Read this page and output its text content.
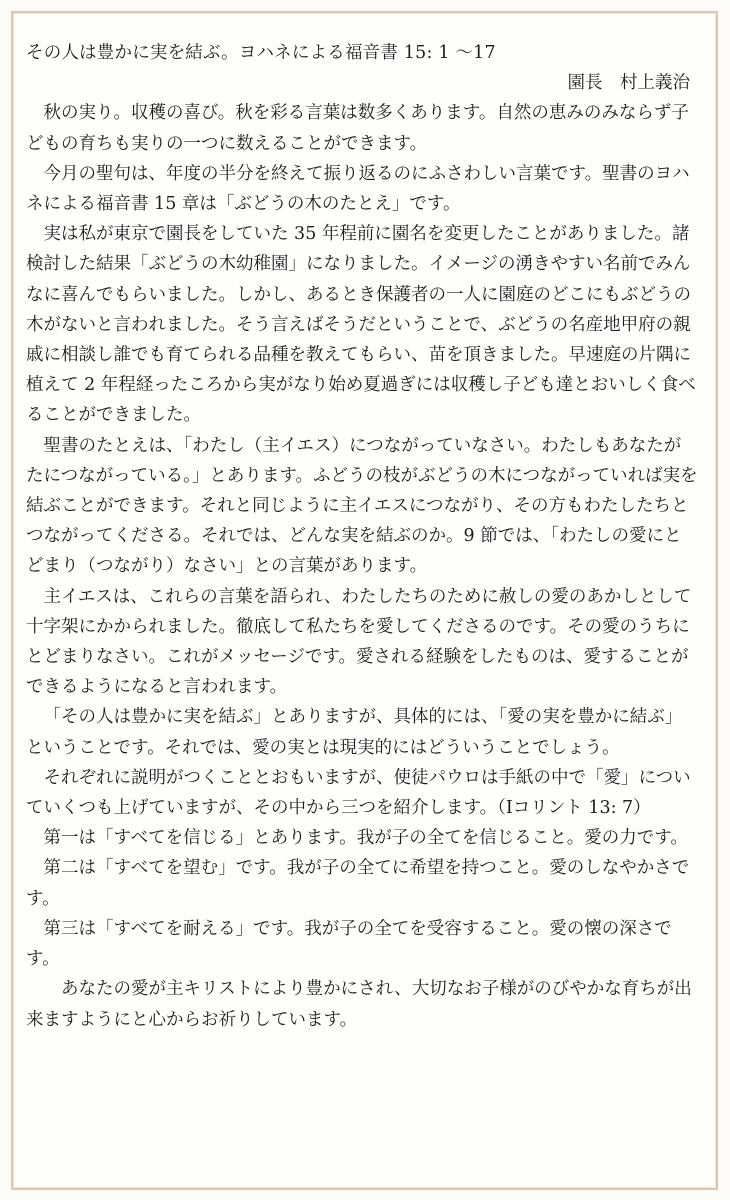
その人は豊かに実を結ぶ。ヨハネによる福音書 15: 1 ～17

園長　村上義治

秋の実り。収穫の喜び。秋を彩る言葉は数多くあります。自然の恵みのみならず子どもの育ちも実りの一つに数えることができます。

今月の聖句は、年度の半分を終えて振り返るのにふさわしい言葉です。聖書のヨハネによる福音書 15 章は「ぶどうの木のたとえ」です。

実は私が東京で園長をしていた 35 年程前に園名を変更したことがありました。諸検討した結果「ぶどうの木幼稚園」になりました。イメージの湧きやすい名前でみんなに喜んでもらいました。しかし、あるとき保護者の一人に園庭のどこにもぶどうの木がないと言われました。そう言えばそうだということで、ぶどうの名産地甲府の親戚に相談し誰でも育てられる品種を教えてもらい、苗を頂きました。早速庭の片隅に植えて 2 年程経ったころから実がなり始め夏過ぎには収穫し子ども達とおいしく食べることができました。

聖書のたとえは、「わたし（主イエス）につながっていなさい。わたしもあなたがたにつながっている。」とあります。ふどうの枝がぶどうの木につながっていれば実を結ぶことができます。それと同じように主イエスにつながり、その方もわたしたちとつながってくださる。それでは、どんな実を結ぶのか。9 節では、「わたしの愛にとどまり（つながり）なさい」との言葉があります。

主イエスは、これらの言葉を語られ、わたしたちのために赦しの愛のあかしとして十字架にかかられました。徹底して私たちを愛してくださるのです。その愛のうちにとどまりなさい。これがメッセージです。愛される経験をしたものは、愛することができるようになると言われます。

「その人は豊かに実を結ぶ」とありますが、具体的には、「愛の実を豊かに結ぶ」ということです。それでは、愛の実とは現実的にはどういうことでしょう。

それぞれに説明がつくこととおもいますが、使徒パウロは手紙の中で「愛」についていくつも上げていますが、その中から三つを紹介します。（Ⅰコリント 13: 7）

第一は「すべてを信じる」とあります。我が子の全てを信じること。愛の力です。

第二は「すべてを望む」です。我が子の全てに希望を持つこと。愛のしなやかさです。

第三は「すべてを耐える」です。我が子の全てを受容すること。愛の懐の深さです。

あなたの愛が主キリストにより豊かにされ、大切なお子様がのびやかな育ちが出来ますようにと心からお祈りしています。
